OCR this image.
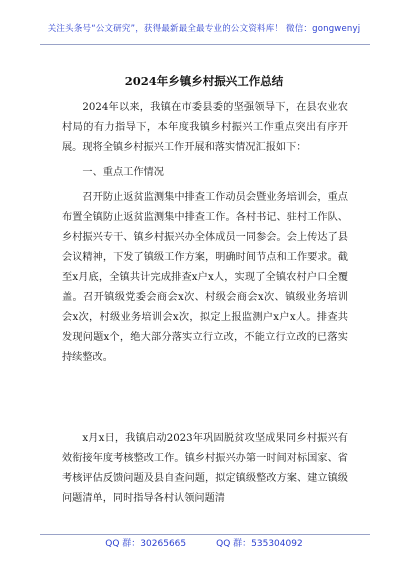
关注头条号“公文研究”，获得最新最全最专业的公文资料库！ 微信：gongwenyj
2024年乡镇乡村振兴工作总结

2024年以来，我镇在市委县委的坚强领导下，在县农业农村局的有力指导下，本年度我镇乡村振兴工作重点突出有序开展。现将全镇乡村振兴工作开展和落实情况汇报如下：

一、重点工作情况

召开防止返贫监测集中排查工作动员会暨业务培训会，重点布置全镇防止返贫监测集中排查工作。各村书记、驻村工作队、乡村振兴专干、镇乡村振兴办全体成员一同参会。会上传达了县会议精神，下发了镇级工作方案，明确时间节点和工作要求。截至x月底，全镇共计完成排查x户x人，实现了全镇农村户口全覆盖。召开镇级党委会商会x次、村级会商会x次、镇级业务培训会x次，村级业务培训会x次，拟定上报监测户x户x人。排查共发现问题x个，绝大部分落实立行立改，不能立行立改的已落实持续整改。

x月x日，我镇启动2023年巩固脱贫攻坚成果同乡村振兴有效衔接年度考核整改工作。镇乡村振兴办第一时间对标国家、省考核评估反馈问题及县自查问题，拟定镇级整改方案、建立镇级问题清单，同时指导各村认领问题清

QQ 群：30265665	QQ 群：535304092
